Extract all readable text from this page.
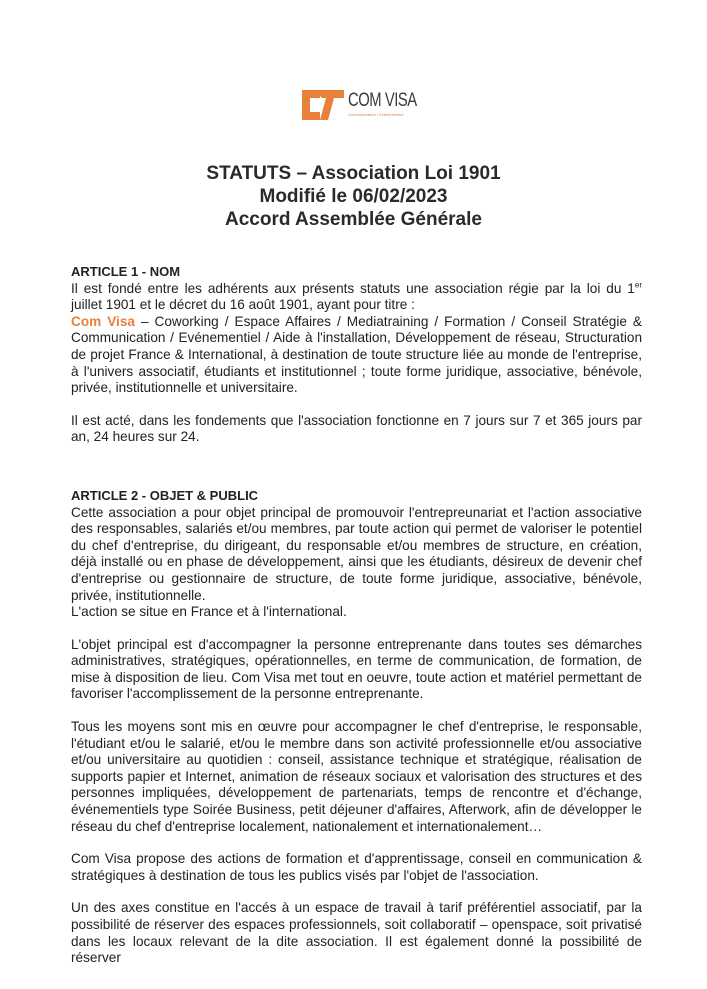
COM VISA
Communication / Evénementiel
STATUTS – Association Loi 1901
Modifié le 06/02/2023
Accord Assemblée Générale
ARTICLE 1 - NOM

Il est fondé entre les adhérents aux présents statuts une association régie par la loi du 1er juillet 1901 et le décret du 16 août 1901, ayant pour titre :

Com Visa – Coworking / Espace Affaires / Mediatraining / Formation / Conseil Stratégie & Communication / Evénementiel / Aide à l'installation, Développement de réseau, Structuration de projet France & International, à destination de toute structure liée au monde de l'entreprise, à l'univers associatif, étudiants et institutionnel ; toute forme juridique, associative, bénévole, privée, institutionnelle et universitaire.

Il est acté, dans les fondements que l'association fonctionne en 7 jours sur 7 et 365 jours par an, 24 heures sur 24.

ARTICLE 2 - OBJET & PUBLIC

Cette association a pour objet principal de promouvoir l'entrepreunariat et l'action associative des responsables, salariés et/ou membres, par toute action qui permet de valoriser le potentiel du chef d'entreprise, du dirigeant, du responsable et/ou membres de structure, en création, déjà installé ou en phase de développement, ainsi que les étudiants, désireux de devenir chef d'entreprise ou gestionnaire de structure, de toute forme juridique, associative, bénévole, privée, institutionnelle.

L'action se situe en France et à l'international.

L'objet principal est d'accompagner la personne entreprenante dans toutes ses démarches administratives, stratégiques, opérationnelles, en terme de communication, de formation, de mise à disposition de lieu. Com Visa met tout en oeuvre, toute action et matériel permettant de favoriser l'accomplissement de la personne entreprenante.

Tous les moyens sont mis en œuvre pour accompagner le chef d'entreprise, le responsable, l'étudiant et/ou le salarié, et/ou le membre dans son activité professionnelle et/ou associative et/ou universitaire au quotidien : conseil, assistance technique et stratégique, réalisation de supports papier et Internet, animation de réseaux sociaux et valorisation des structures et des personnes impliquées, développement de partenariats, temps de rencontre et d'échange, événementiels type Soirée Business, petit déjeuner d'affaires, Afterwork, afin de développer le réseau du chef d'entreprise localement, nationalement et internationalement…

Com Visa propose des actions de formation et d'apprentissage, conseil en communication & stratégiques à destination de tous les publics visés par l'objet de l'association.

Un des axes constitue en l'accés à un espace de travail à tarif préférentiel associatif, par la possibilité de réserver des espaces professionnels, soit collaboratif – openspace, soit privatisé dans les locaux relevant de la dite association. Il est également donné la possibilité de réserver
